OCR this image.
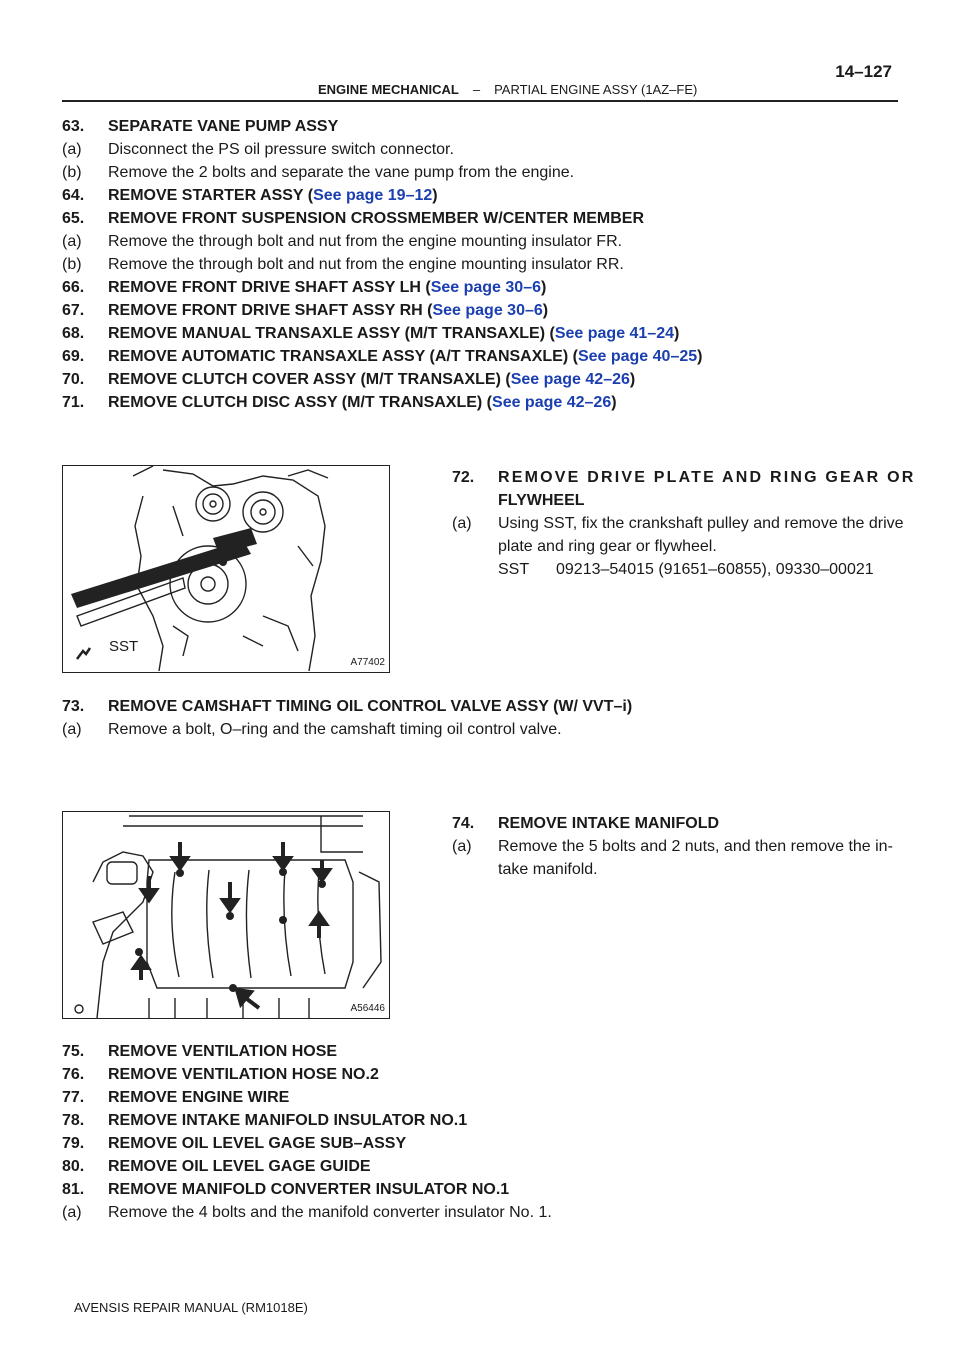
ENGINE MECHANICAL – PARTIAL ENGINE ASSY (1AZ–FE)
14–127
63. SEPARATE VANE PUMP ASSY
(a) Disconnect the PS oil pressure switch connector.
(b) Remove the 2 bolts and separate the vane pump from the engine.
64. REMOVE STARTER ASSY (See page 19–12)
65. REMOVE FRONT SUSPENSION CROSSMEMBER W/CENTER MEMBER
(a) Remove the through bolt and nut from the engine mounting insulator FR.
(b) Remove the through bolt and nut from the engine mounting insulator RR.
66. REMOVE FRONT DRIVE SHAFT ASSY LH (See page 30–6)
67. REMOVE FRONT DRIVE SHAFT ASSY RH (See page 30–6)
68. REMOVE MANUAL TRANSAXLE ASSY (M/T TRANSAXLE) (See page 41–24)
69. REMOVE AUTOMATIC TRANSAXLE ASSY (A/T TRANSAXLE) (See page 40–25)
70. REMOVE CLUTCH COVER ASSY (M/T TRANSAXLE) (See page 42–26)
71. REMOVE CLUTCH DISC ASSY (M/T TRANSAXLE) (See page 42–26)
SST
A77402
72. REMOVE DRIVE PLATE AND RING GEAR OR
FLYWHEEL
(a) Using SST, fix the crankshaft pulley and remove the drive
plate and ring gear or flywheel.
SST 09213–54015 (91651–60855), 09330–00021
73. REMOVE CAMSHAFT TIMING OIL CONTROL VALVE ASSY (W/ VVT–i)
(a) Remove a bolt, O–ring and the camshaft timing oil control valve.
A56446
74. REMOVE INTAKE MANIFOLD
(a) Remove the 5 bolts and 2 nuts, and then remove the in-
take manifold.
75. REMOVE VENTILATION HOSE
76. REMOVE VENTILATION HOSE NO.2
77. REMOVE ENGINE WIRE
78. REMOVE INTAKE MANIFOLD INSULATOR NO.1
79. REMOVE OIL LEVEL GAGE SUB–ASSY
80. REMOVE OIL LEVEL GAGE GUIDE
81. REMOVE MANIFOLD CONVERTER INSULATOR NO.1
(a) Remove the 4 bolts and the manifold converter insulator No. 1.
AVENSIS REPAIR MANUAL (RM1018E)
